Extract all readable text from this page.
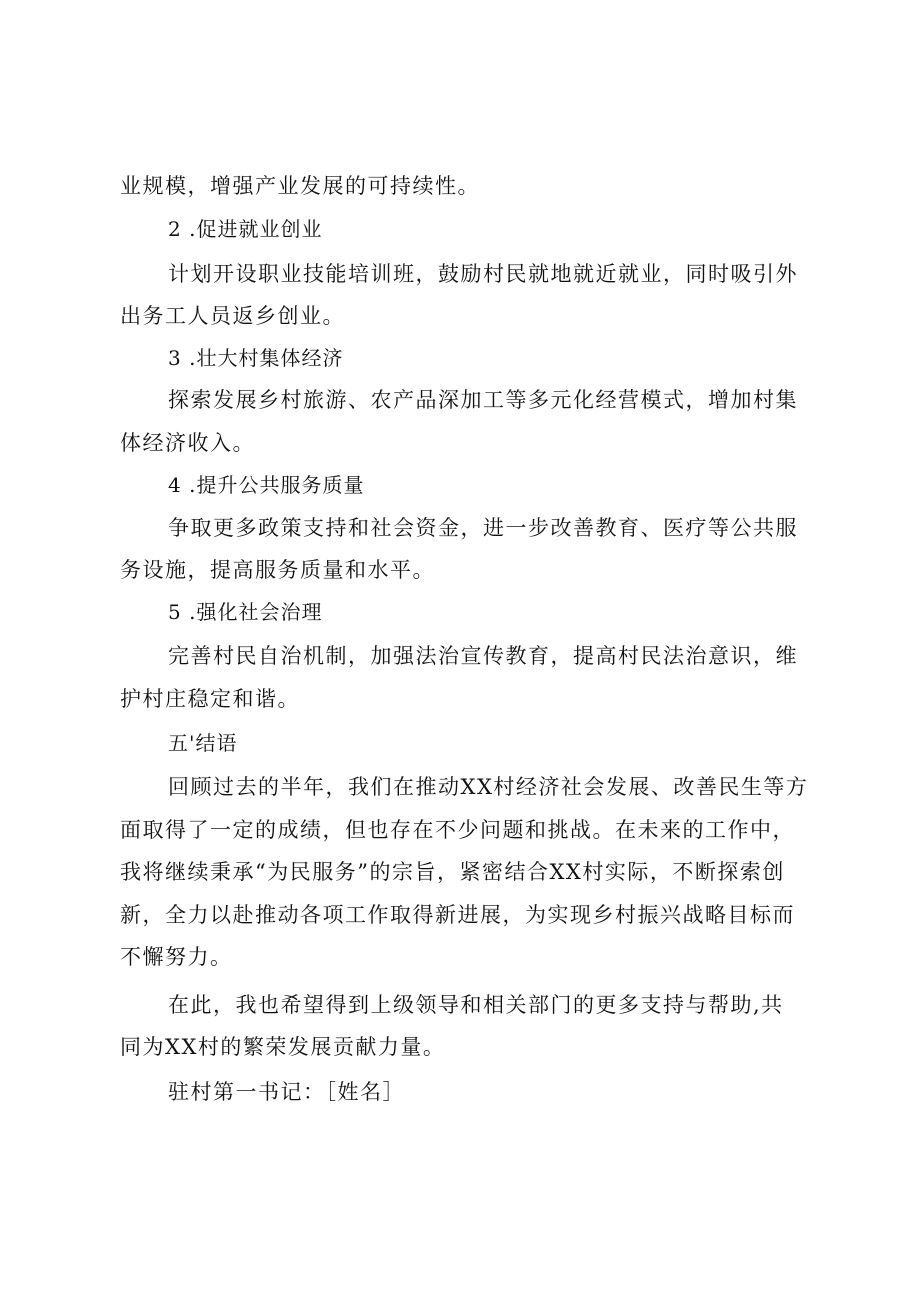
业规模，增强产业发展的可持续性。
2 .促进就业创业
计划开设职业技能培训班，鼓励村民就地就近就业，同时吸引外
出务工人员返乡创业。
3 .壮大村集体经济
探索发展乡村旅游、农产品深加工等多元化经营模式，增加村集
体经济收入。
4 .提升公共服务质量
争取更多政策支持和社会资金，进一步改善教育、医疗等公共服
务设施，提高服务质量和水平。
5 .强化社会治理
完善村民自治机制，加强法治宣传教育，提高村民法治意识，维
护村庄稳定和谐。
五'结语
回顾过去的半年，我们在推动XX村经济社会发展、改善民生等方
面取得了一定的成绩，但也存在不少问题和挑战。在未来的工作中，
我将继续秉承“为民服务”的宗旨，紧密结合XX村实际，不断探索创
新，全力以赴推动各项工作取得新进展，为实现乡村振兴战略目标而
不懈努力。
在此，我也希望得到上级领导和相关部门的更多支持与帮助,共
同为XX村的繁荣发展贡献力量。
驻村第一书记：［姓名］
